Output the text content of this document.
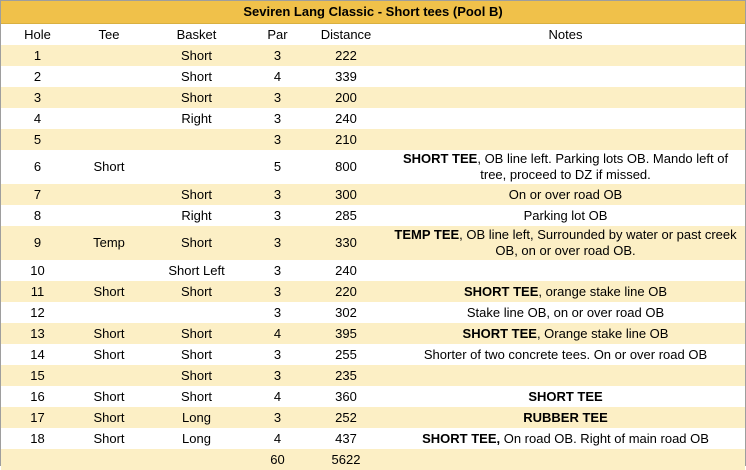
Seviren Lang Classic - Short tees (Pool B)					
Hole	Tee	Basket	Par	Distance	Notes
1		Short	3	222	
2		Short	4	339	
3		Short	3	200	
4		Right	3	240	
5			3	210	
6	Short		5	800	SHORT TEE, OB line left. Parking lots OB. Mando left of tree, proceed to DZ if missed.
7		Short	3	300	On or over road OB
8		Right	3	285	Parking lot OB
9	Temp	Short	3	330	TEMP TEE, OB line left, Surrounded by water or past creek OB, on or over road OB.
10		Short Left	3	240	
11	Short	Short	3	220	SHORT TEE, orange stake line OB
12			3	302	Stake line OB, on or over road OB
13	Short	Short	4	395	SHORT TEE, Orange stake line OB
14	Short	Short	3	255	Shorter of two concrete tees. On or over road OB
15		Short	3	235	
16	Short	Short	4	360	SHORT TEE
17	Short	Long	3	252	RUBBER TEE
18	Short	Long	4	437	SHORT TEE, On road OB. Right of main road OB
			60	5622	
